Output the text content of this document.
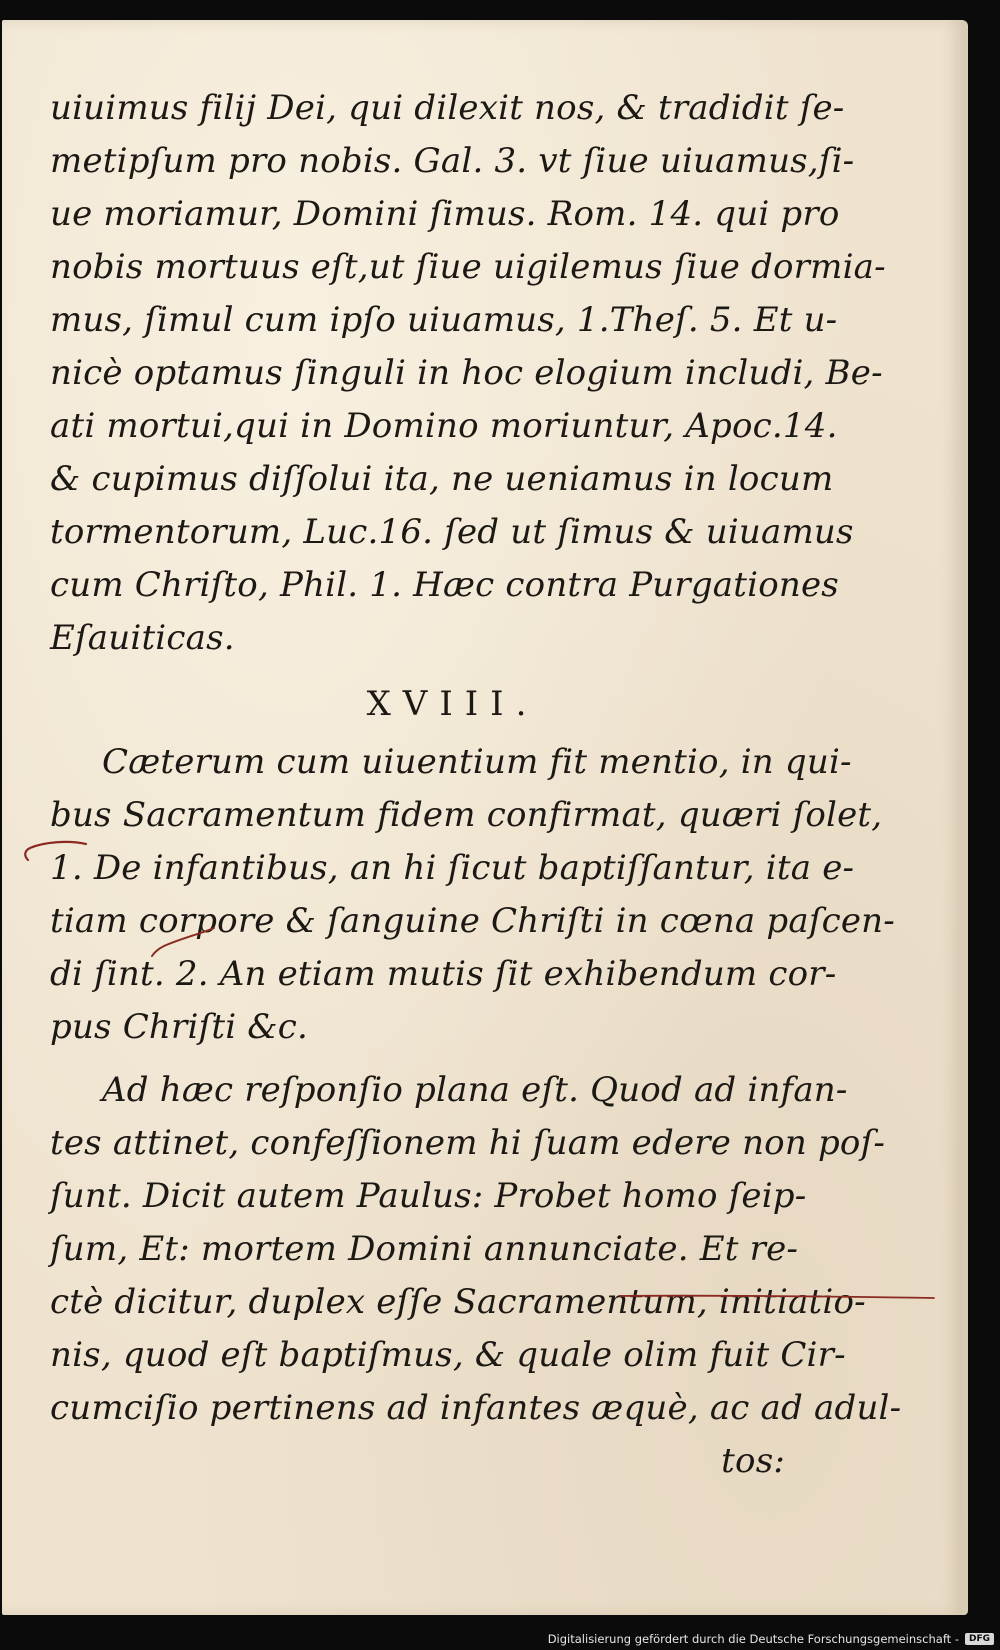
uiuimus filij Dei, qui dilexit nos, & tradidit ſe-
metipſum pro nobis. Gal. 3. vt ſiue uiuamus,ſi-
ue moriamur, Domini ſimus. Rom. 14. qui pro
nobis mortuus eſt,ut ſiue uigilemus ſiue dormia-
mus, ſimul cum ipſo uiuamus, 1.Theſ. 5. Et u-
nicè optamus ſinguli in hoc elogium includi, Be-
ati mortui,qui in Domino moriuntur, Apoc.14.
& cupimus diſſolui ita, ne ueniamus in locum
tormentorum, Luc.16. ſed ut ſimus & uiuamus
cum Chriſto, Phil. 1. Hæc contra Purgationes
Eſauiticas.
XVIII.
Cæterum cum uiuentium fit mentio, in qui-
bus Sacramentum fidem confirmat, quæri ſolet,
1. De infantibus, an hi ſicut baptiſſantur, ita e-
tiam corpore & ſanguine Chriſti in cœna paſcen-
di ſint. 2. An etiam mutis ſit exhibendum cor-
pus Chriſti &c.
Ad hæc reſponſio plana eſt. Quod ad infan-
tes attinet, confeſſionem hi ſuam edere non poſ-
ſunt. Dicit autem Paulus: Probet homo ſeip-
ſum, Et: mortem Domini annunciate. Et re-
ctè dicitur, duplex eſſe Sacramentum, initiatio-
nis, quod eſt baptiſmus, & quale olim fuit Cir-
cumciſio pertinens ad infantes æquè, ac ad adul-
tos:
Digitalisierung gefördert durch die Deutsche Forschungsgemeinschaft -	DFG
